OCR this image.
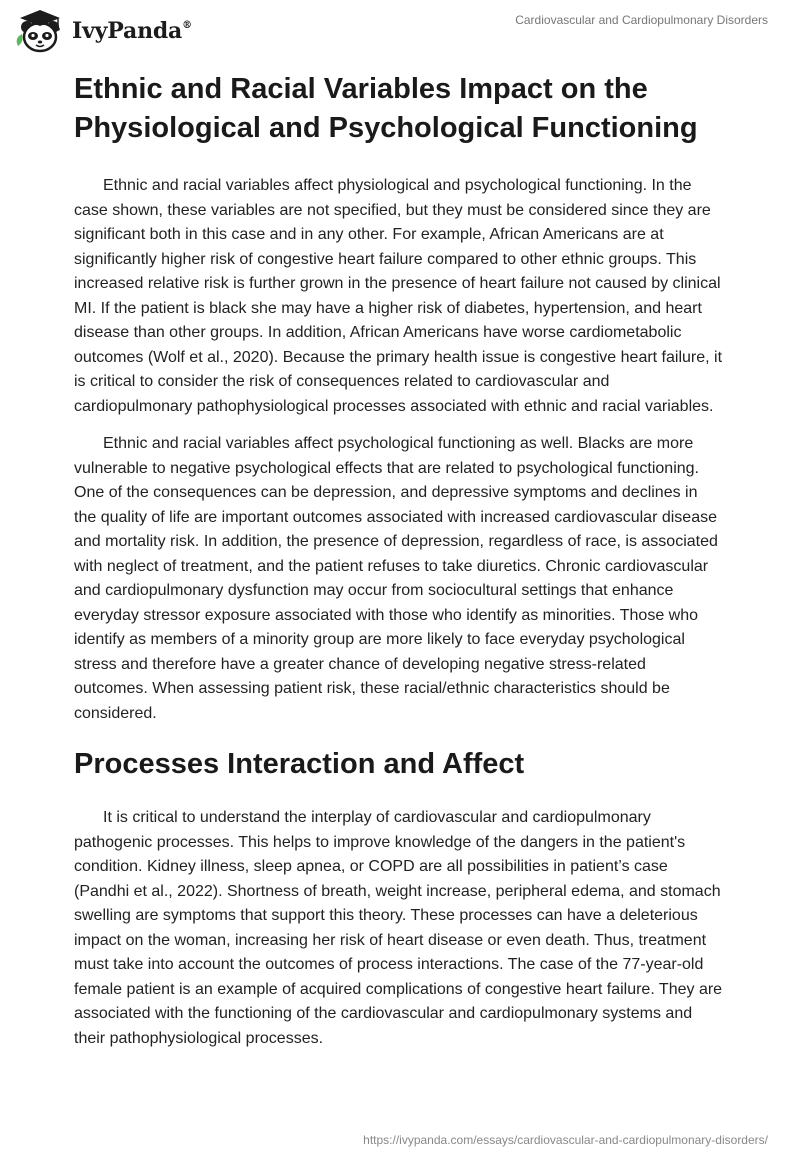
IvyPanda®	Cardiovascular and Cardiopulmonary Disorders
Ethnic and Racial Variables Impact on the Physiological and Psychological Functioning

Ethnic and racial variables affect physiological and psychological functioning. In the case shown, these variables are not specified, but they must be considered since they are significant both in this case and in any other. For example, African Americans are at significantly higher risk of congestive heart failure compared to other ethnic groups. This increased relative risk is further grown in the presence of heart failure not caused by clinical MI. If the patient is black she may have a higher risk of diabetes, hypertension, and heart disease than other groups. In addition, African Americans have worse cardiometabolic outcomes (Wolf et al., 2020). Because the primary health issue is congestive heart failure, it is critical to consider the risk of consequences related to cardiovascular and cardiopulmonary pathophysiological processes associated with ethnic and racial variables.

Ethnic and racial variables affect psychological functioning as well. Blacks are more vulnerable to negative psychological effects that are related to psychological functioning. One of the consequences can be depression, and depressive symptoms and declines in the quality of life are important outcomes associated with increased cardiovascular disease and mortality risk. In addition, the presence of depression, regardless of race, is associated with neglect of treatment, and the patient refuses to take diuretics. Chronic cardiovascular and cardiopulmonary dysfunction may occur from sociocultural settings that enhance everyday stressor exposure associated with those who identify as minorities. Those who identify as members of a minority group are more likely to face everyday psychological stress and therefore have a greater chance of developing negative stress-related outcomes. When assessing patient risk, these racial/ethnic characteristics should be considered.

Processes Interaction and Affect

It is critical to understand the interplay of cardiovascular and cardiopulmonary pathogenic processes. This helps to improve knowledge of the dangers in the patient's condition. Kidney illness, sleep apnea, or COPD are all possibilities in patient’s case (Pandhi et al., 2022). Shortness of breath, weight increase, peripheral edema, and stomach swelling are symptoms that support this theory. These processes can have a deleterious impact on the woman, increasing her risk of heart disease or even death. Thus, treatment must take into account the outcomes of process interactions. The case of the 77-year-old female patient is an example of acquired complications of congestive heart failure. They are associated with the functioning of the cardiovascular and cardiopulmonary systems and their pathophysiological processes.

https://ivypanda.com/essays/cardiovascular-and-cardiopulmonary-disorders/
